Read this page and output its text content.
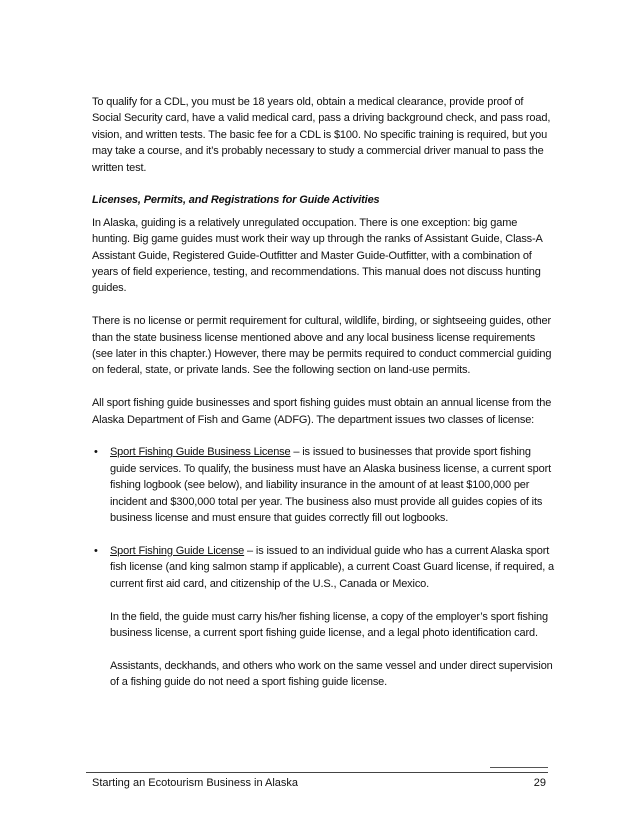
To qualify for a CDL, you must be 18 years old, obtain a medical clearance, provide proof of Social Security card, have a valid medical card, pass a driving background check, and pass road, vision, and written tests. The basic fee for a CDL is $100. No specific training is required, but you may take a course, and it’s probably necessary to study a commercial driver manual to pass the written test.

Licenses, Permits, and Registrations for Guide Activities

In Alaska, guiding is a relatively unregulated occupation. There is one exception: big game hunting. Big game guides must work their way up through the ranks of Assistant Guide, Class-A Assistant Guide, Registered Guide-Outfitter and Master Guide-Outfitter, with a combination of years of field experience, testing, and recommendations. This manual does not discuss hunting guides.

There is no license or permit requirement for cultural, wildlife, birding, or sightseeing guides, other than the state business license mentioned above and any local business license requirements (see later in this chapter.) However, there may be permits required to conduct commercial guiding on federal, state, or private lands. See the following section on land-use permits.

All sport fishing guide businesses and sport fishing guides must obtain an annual license from the Alaska Department of Fish and Game (ADFG). The department issues two classes of license:

• Sport Fishing Guide Business License – is issued to businesses that provide sport fishing guide services. To qualify, the business must have an Alaska business license, a current sport fishing logbook (see below), and liability insurance in the amount of at least $100,000 per incident and $300,000 total per year. The business also must provide all guides copies of its business license and must ensure that guides correctly fill out logbooks.

• Sport Fishing Guide License – is issued to an individual guide who has a current Alaska sport fish license (and king salmon stamp if applicable), a current Coast Guard license, if required, a current first aid card, and citizenship of the U.S., Canada or Mexico.

In the field, the guide must carry his/her fishing license, a copy of the employer’s sport fishing business license, a current sport fishing guide license, and a legal photo identification card.

Assistants, deckhands, and others who work on the same vessel and under direct supervision of a fishing guide do not need a sport fishing guide license.

Starting an Ecotourism Business in Alaska	29
